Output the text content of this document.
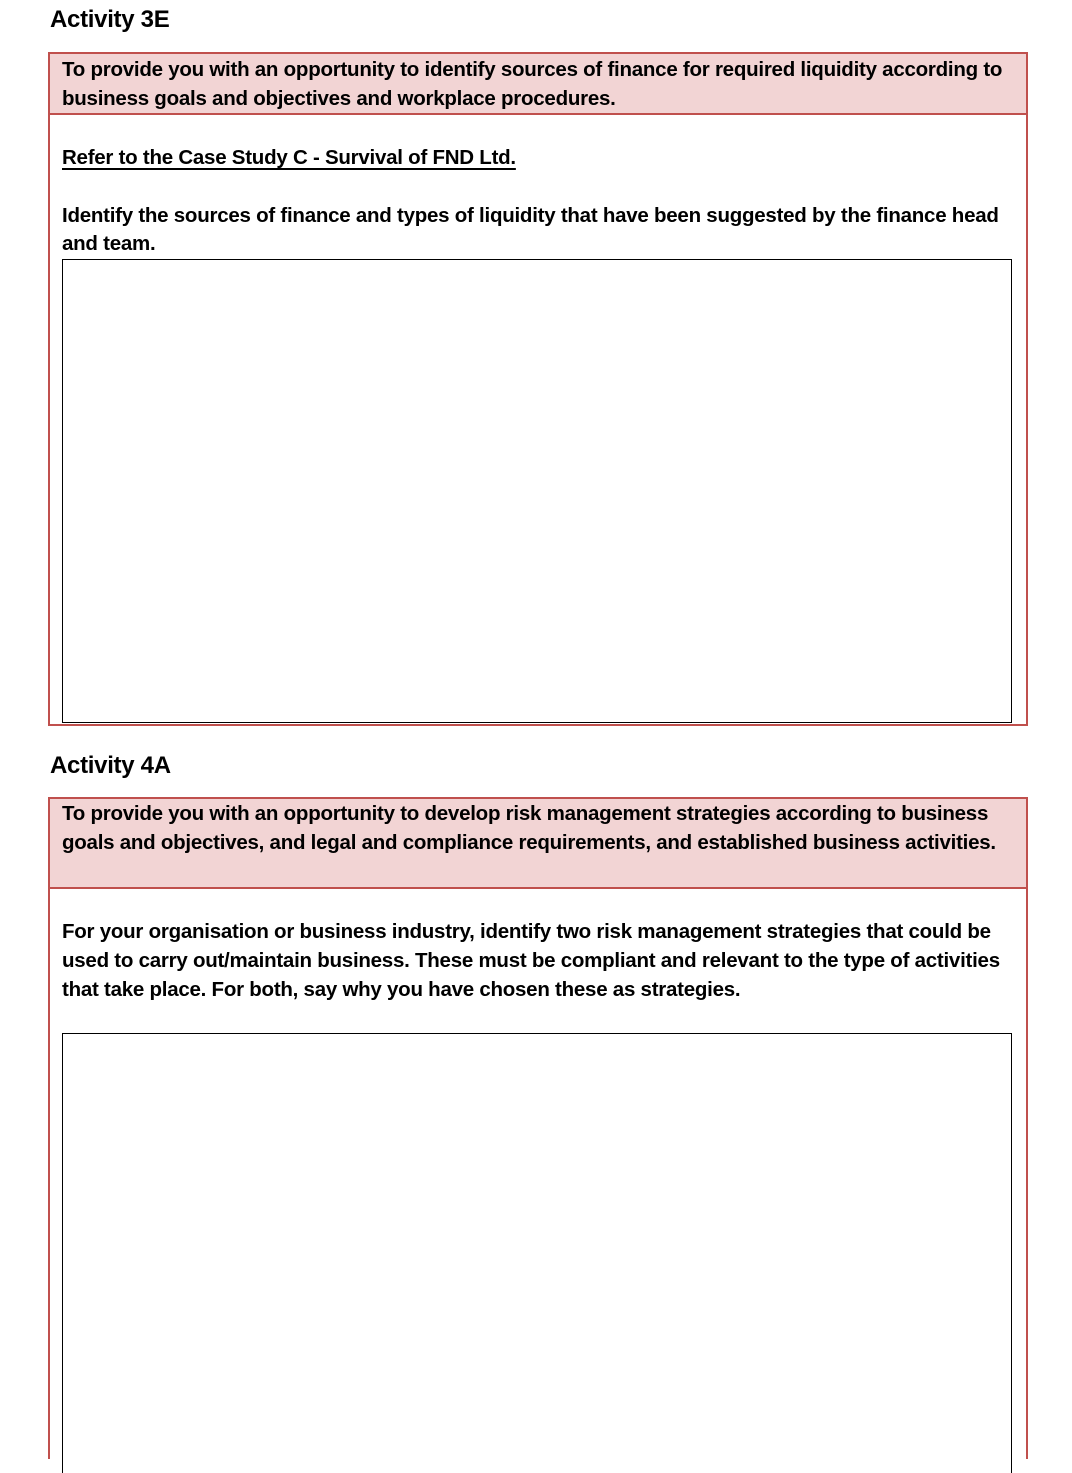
Activity 3E
To provide you with an opportunity to identify sources of finance for required liquidity according to business goals and objectives and workplace procedures.
Refer to the Case Study C - Survival of FND Ltd.
Identify the sources of finance and types of liquidity that have been suggested by the finance head and team.
Activity 4A
To provide you with an opportunity to develop risk management strategies according to business goals and objectives, and legal and compliance requirements, and established business activities.
For your organisation or business industry, identify two risk management strategies that could be used to carry out/maintain business. These must be compliant and relevant to the type of activities that take place. For both, say why you have chosen these as strategies.
